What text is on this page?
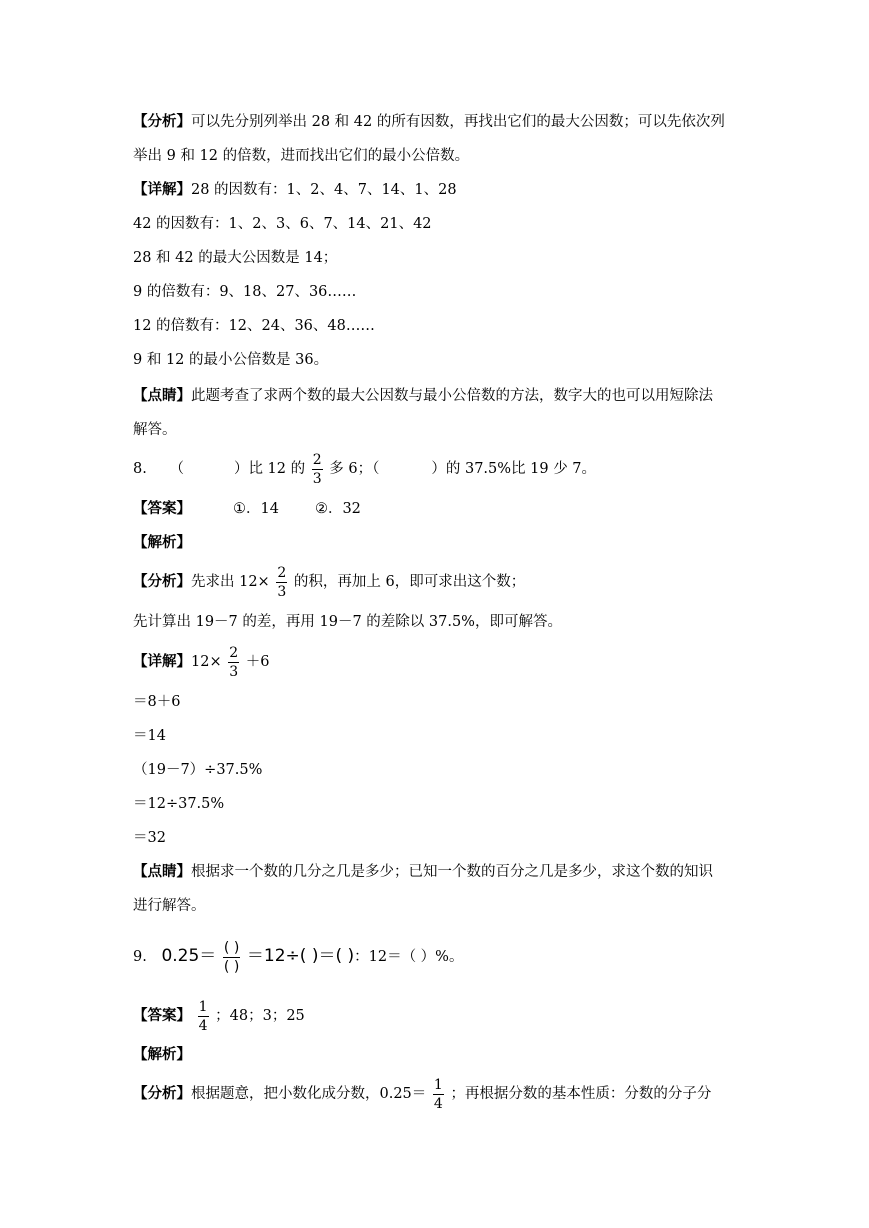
【分析】可以先分别列举出 28 和 42 的所有因数，再找出它们的最大公因数；可以先依次列
举出 9 和 12 的倍数，进而找出它们的最小公倍数。
【详解】28 的因数有：1、2、4、7、14、1、28
42 的因数有：1、2、3、6、7、14、21、42
28 和 42 的最大公因数是 14；
9 的倍数有：9、18、27、36……
12 的倍数有：12、24、36、48……
9 和 12 的最小公倍数是 36。
【点睛】此题考查了求两个数的最大公因数与最小公倍数的方法，数字大的也可以用短除法
解答。
8. （	）比 12 的 $\frac{2}{3}$ 多 6；（	）的 37.5%比 19 少 7。
【答案】	①．14 ②．32
【解析】
【分析】先求出 $12\times \frac{2}{3}$ 的积，再加上 6，即可求出这个数；
先计算出 19－7 的差，再用 19－7 的差除以 37.5%，即可解答。
【详解】$12\times \frac{2}{3} +6$
＝8＋6
＝14
（19－7）÷37.5%
＝12÷37.5%
＝32
【点睛】根据求一个数的几分之几是多少；已知一个数的百分之几是多少，求这个数的知识
进行解答。
9. $0.25= \frac{( )}{( )} =12\div$( )＝( )：12＝（ ）%。
【答案】 $\frac{1}{4}$ ；48；3；25
【解析】
【分析】根据题意，把小数化成分数，$0.25= \frac{1}{4}$ ；再根据分数的基本性质：分数的分子分
